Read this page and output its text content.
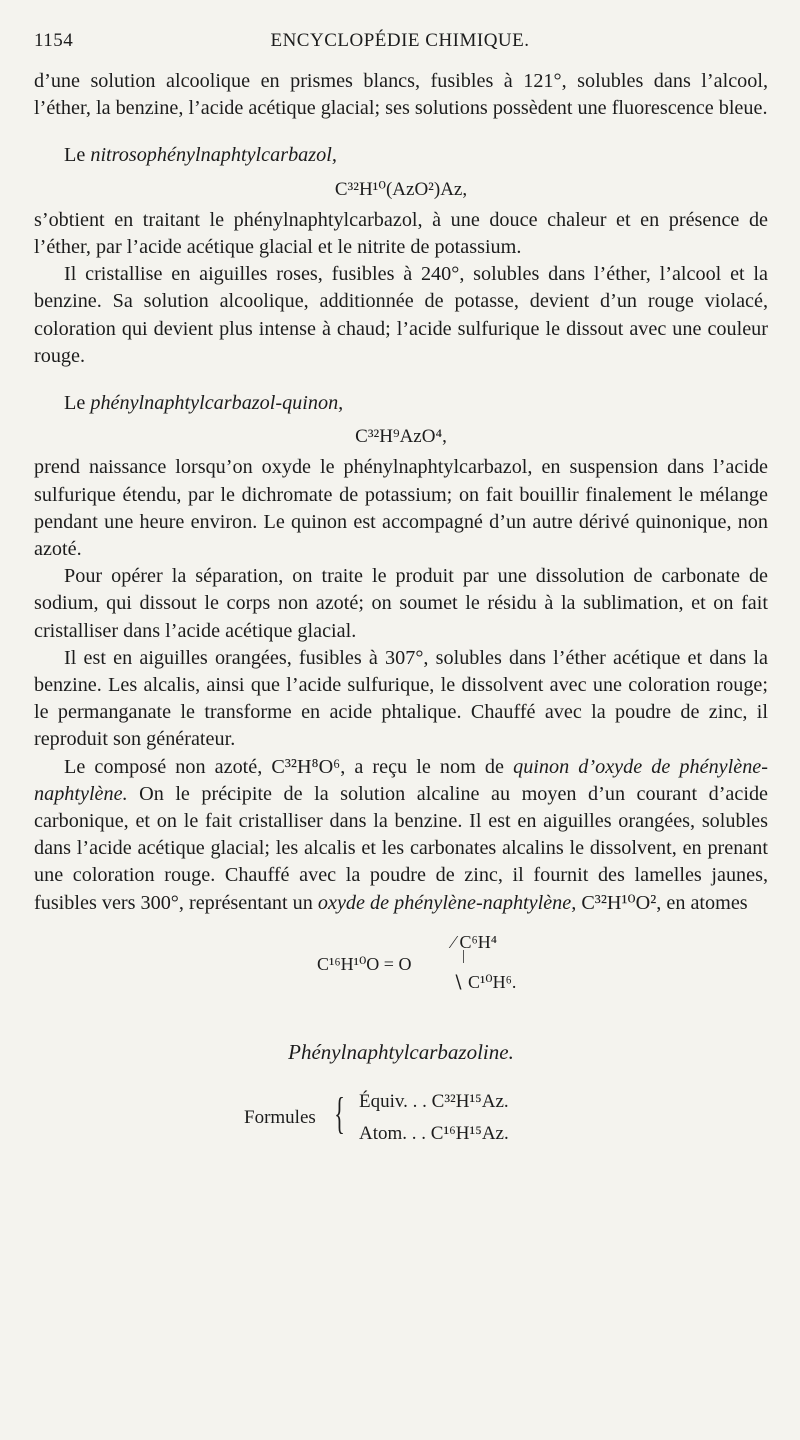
1154	ENCYCLOPÉDIE CHIMIQUE.

d’une solution alcoolique en prismes blancs, fusibles à 121°, solubles dans l’alcool, l’éther, la benzine, l’acide acétique glacial; ses solutions possèdent une fluorescence bleue.

Le nitrosophénylnaphtylcarbazol,

C³²H¹⁰(AzO²)Az,

s’obtient en traitant le phénylnaphtylcarbazol, à une douce chaleur et en présence de l’éther, par l’acide acétique glacial et le nitrite de potassium.

Il cristallise en aiguilles roses, fusibles à 240°, solubles dans l’éther, l’alcool et la benzine. Sa solution alcoolique, additionnée de potasse, devient d’un rouge violacé, coloration qui devient plus intense à chaud; l’acide sulfurique le dissout avec une couleur rouge.

Le phénylnaphtylcarbazol-quinon,

C³²H⁹AzO⁴,

prend naissance lorsqu’on oxyde le phénylnaphtylcarbazol, en suspension dans l’acide sulfurique étendu, par le dichromate de potassium; on fait bouillir finalement le mélange pendant une heure environ. Le quinon est accompagné d’un autre dérivé quinonique, non azoté.

Pour opérer la séparation, on traite le produit par une dissolution de carbonate de sodium, qui dissout le corps non azoté; on soumet le résidu à la sublimation, et on fait cristalliser dans l’acide acétique glacial.

Il est en aiguilles orangées, fusibles à 307°, solubles dans l’éther acétique et dans la benzine. Les alcalis, ainsi que l’acide sulfurique, le dissolvent avec une coloration rouge; le permanganate le transforme en acide phtalique. Chauffé avec la poudre de zinc, il reproduit son générateur.

Le composé non azoté, C³²H⁸O⁶, a reçu le nom de quinon d’oxyde de phénylène-naphtylène. On le précipite de la solution alcaline au moyen d’un courant d’acide carbonique, et on le fait cristalliser dans la benzine. Il est en aiguilles orangées, solubles dans l’acide acétique glacial; les alcalis et les carbonates alcalins le dissolvent, en prenant une coloration rouge. Chauffé avec la poudre de zinc, il fournit des lamelles jaunes, fusibles vers 300°, représentant un oxyde de phénylène-naphtylène, C³²H¹⁰O², en atomes

C¹⁶H¹⁰O = O
⁄ C⁶H⁴
|
∖ C¹⁰H⁶.
Phénylnaphtylcarbazoline.
Formules { Équiv. . . C³²H¹⁵Az.
Atom. . . C¹⁶H¹⁵Az.
